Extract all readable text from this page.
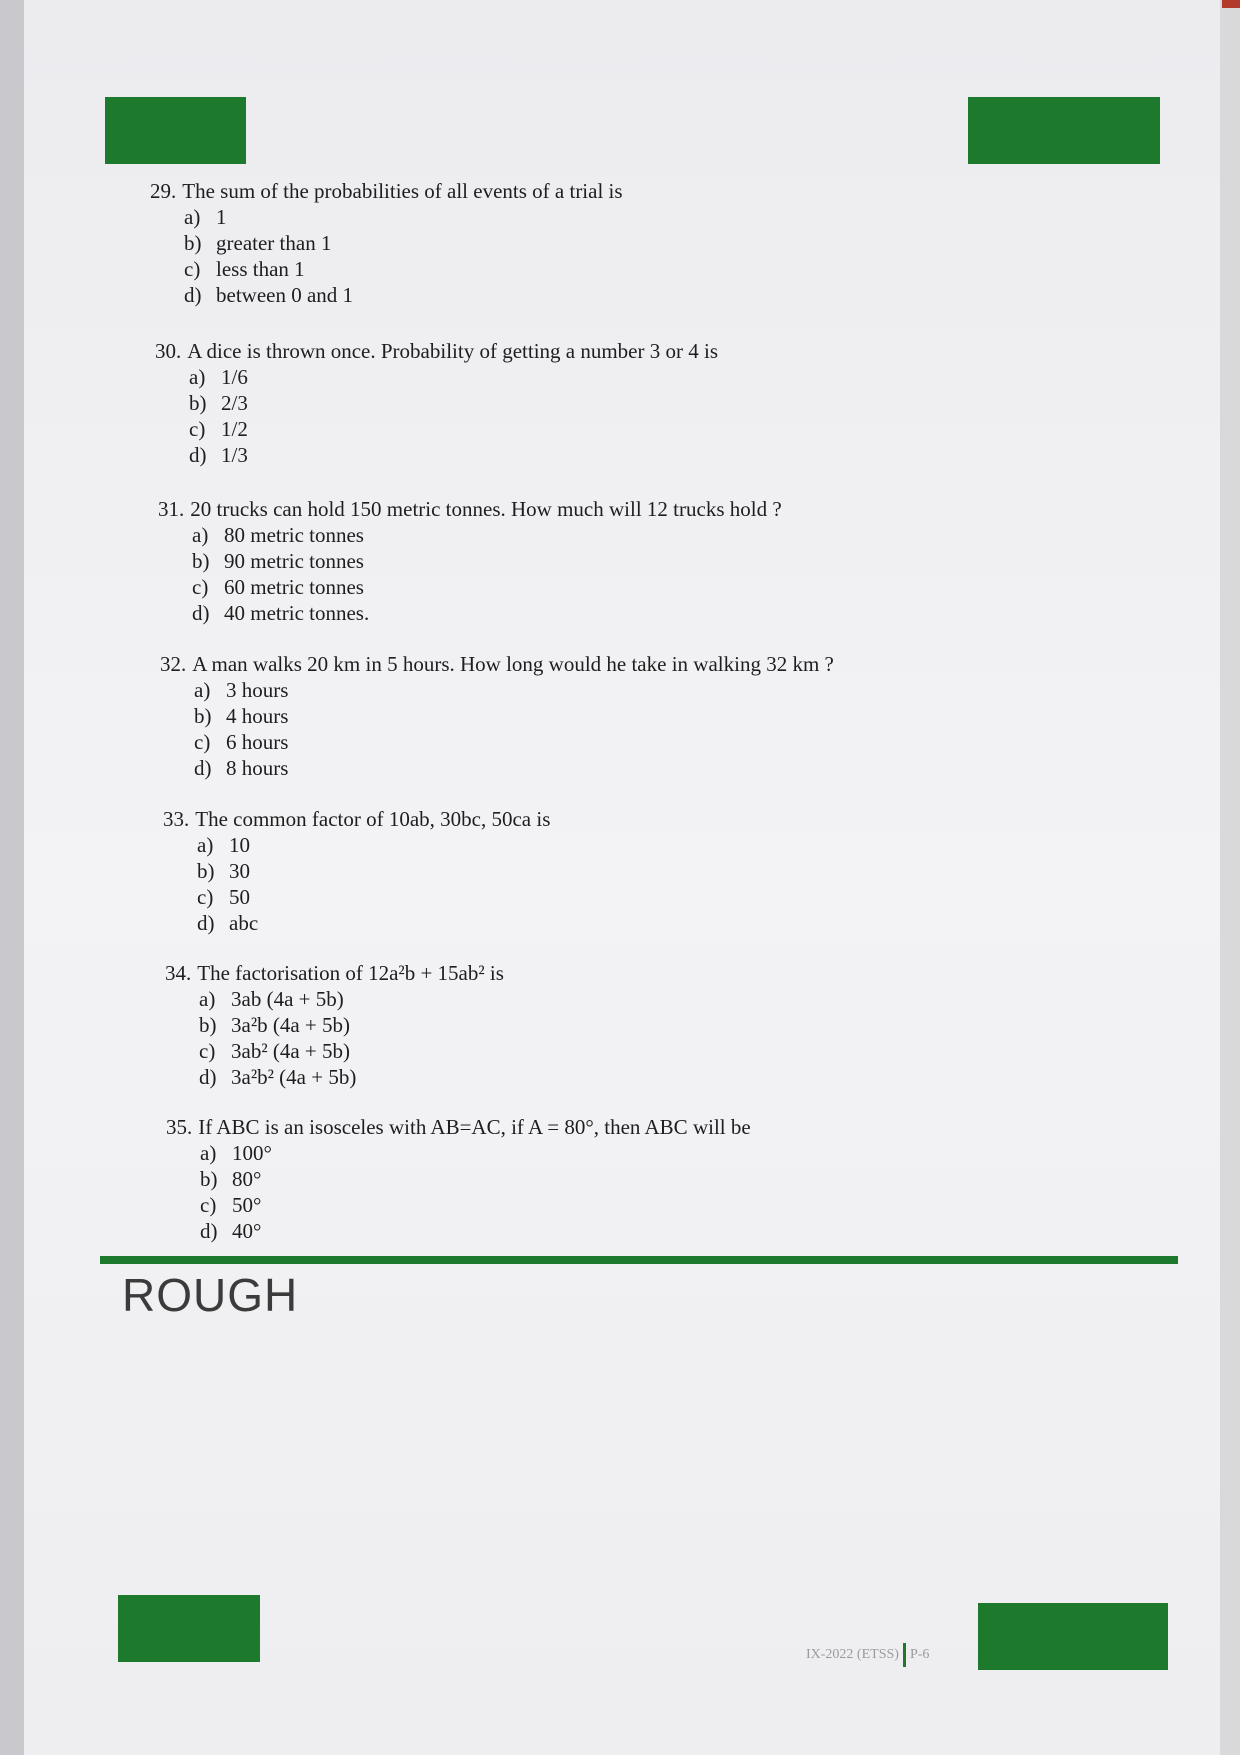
29. The sum of the probabilities of all events of a trial is
a) 1
b) greater than 1
c) less than 1
d) between 0 and 1
30. A dice is thrown once. Probability of getting a number 3 or 4 is
a) 1/6
b) 2/3
c) 1/2
d) 1/3
31. 20 trucks can hold 150 metric tonnes. How much will 12 trucks hold ?
a) 80 metric tonnes
b) 90 metric tonnes
c) 60 metric tonnes
d) 40 metric tonnes.
32. A man walks 20 km in 5 hours. How long would he take in walking 32 km ?
a) 3 hours
b) 4 hours
c) 6 hours
d) 8 hours
33. The common factor of 10ab, 30bc, 50ca is
a) 10
b) 30
c) 50
d) abc
34. The factorisation of 12a²b + 15ab² is
a) 3ab (4a + 5b)
b) 3a²b (4a + 5b)
c) 3ab² (4a + 5b)
d) 3a²b² (4a + 5b)
35. If ABC is an isosceles with AB=AC, if A = 80°, then ABC will be
a) 100°
b) 80°
c) 50°
d) 40°
ROUGH
IX-2022 (ETSS) P-6
